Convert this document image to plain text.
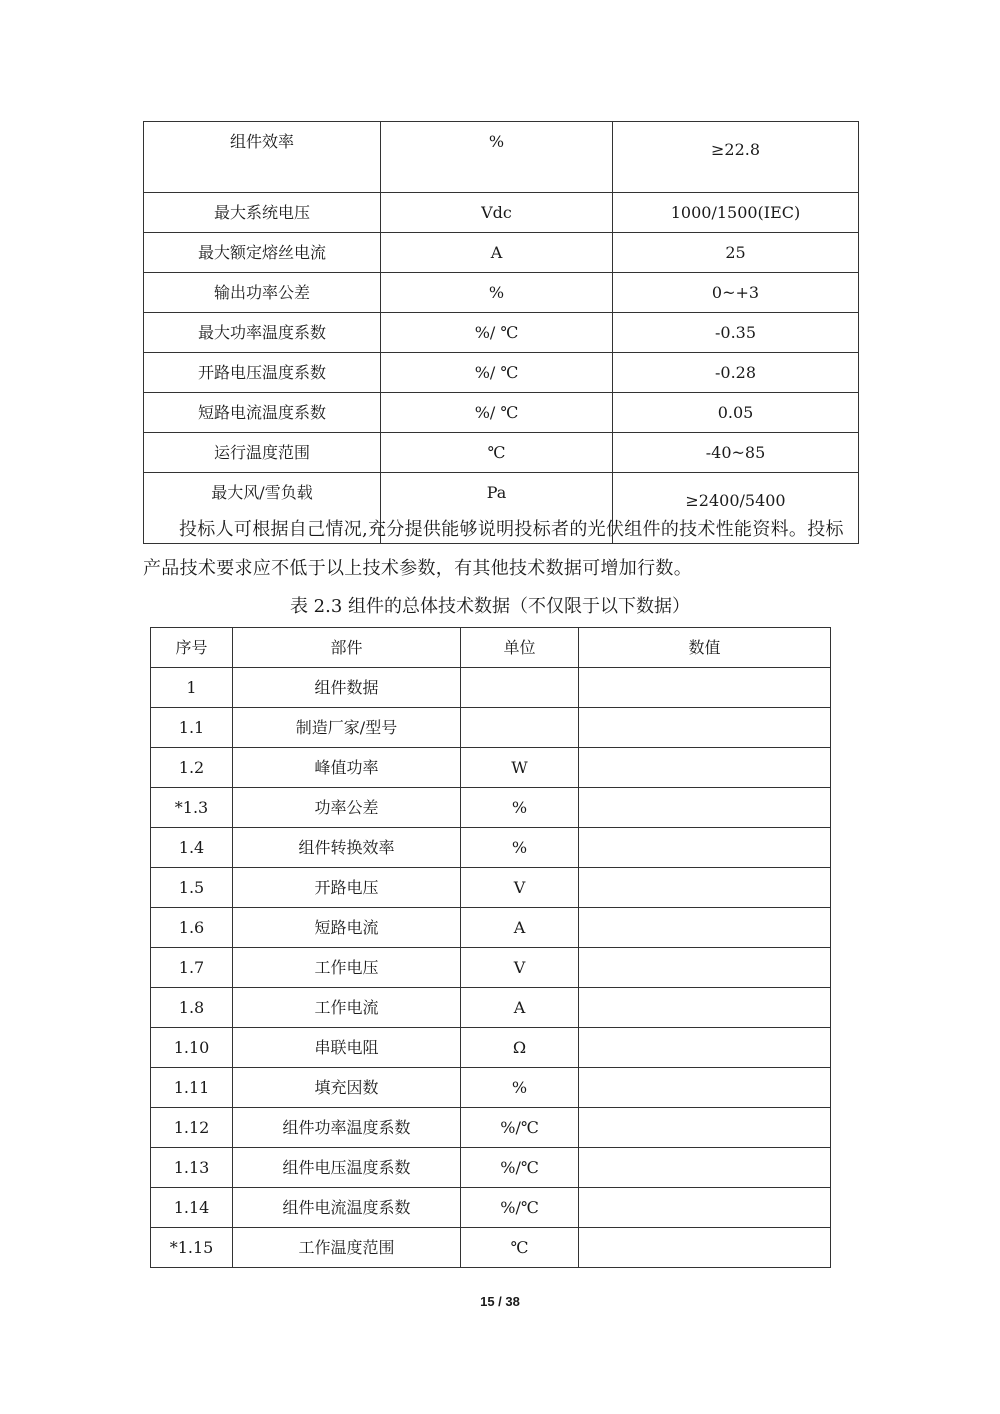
组件效率	%	≥22.8
最大系统电压	Vdc	1000/1500(IEC)
最大额定熔丝电流	A	25
输出功率公差	%	0~+3
最大功率温度系数	%/ ℃	-0.35
开路电压温度系数	%/ ℃	-0.28
短路电流温度系数	%/ ℃	0.05
运行温度范围	℃	-40~85
最大风/雪负载	Pa	≥2400/5400

投标人可根据自己情况,充分提供能够说明投标者的光伏组件的技术性能资料。投标产品技术要求应不低于以上技术参数，有其他技术数据可增加行数。

表 2.3 组件的总体技术数据（不仅限于以下数据）

序号	部件	单位	数值
1	组件数据		
1.1	制造厂家/型号		
1.2	峰值功率	W	
*1.3	功率公差	%	
1.4	组件转换效率	%	
1.5	开路电压	V	
1.6	短路电流	A	
1.7	工作电压	V	
1.8	工作电流	A	
1.10	串联电阻	Ω	
1.11	填充因数	%	
1.12	组件功率温度系数	%/℃	
1.13	组件电压温度系数	%/℃	
1.14	组件电流温度系数	%/℃	
*1.15	工作温度范围	℃	
15 / 38
